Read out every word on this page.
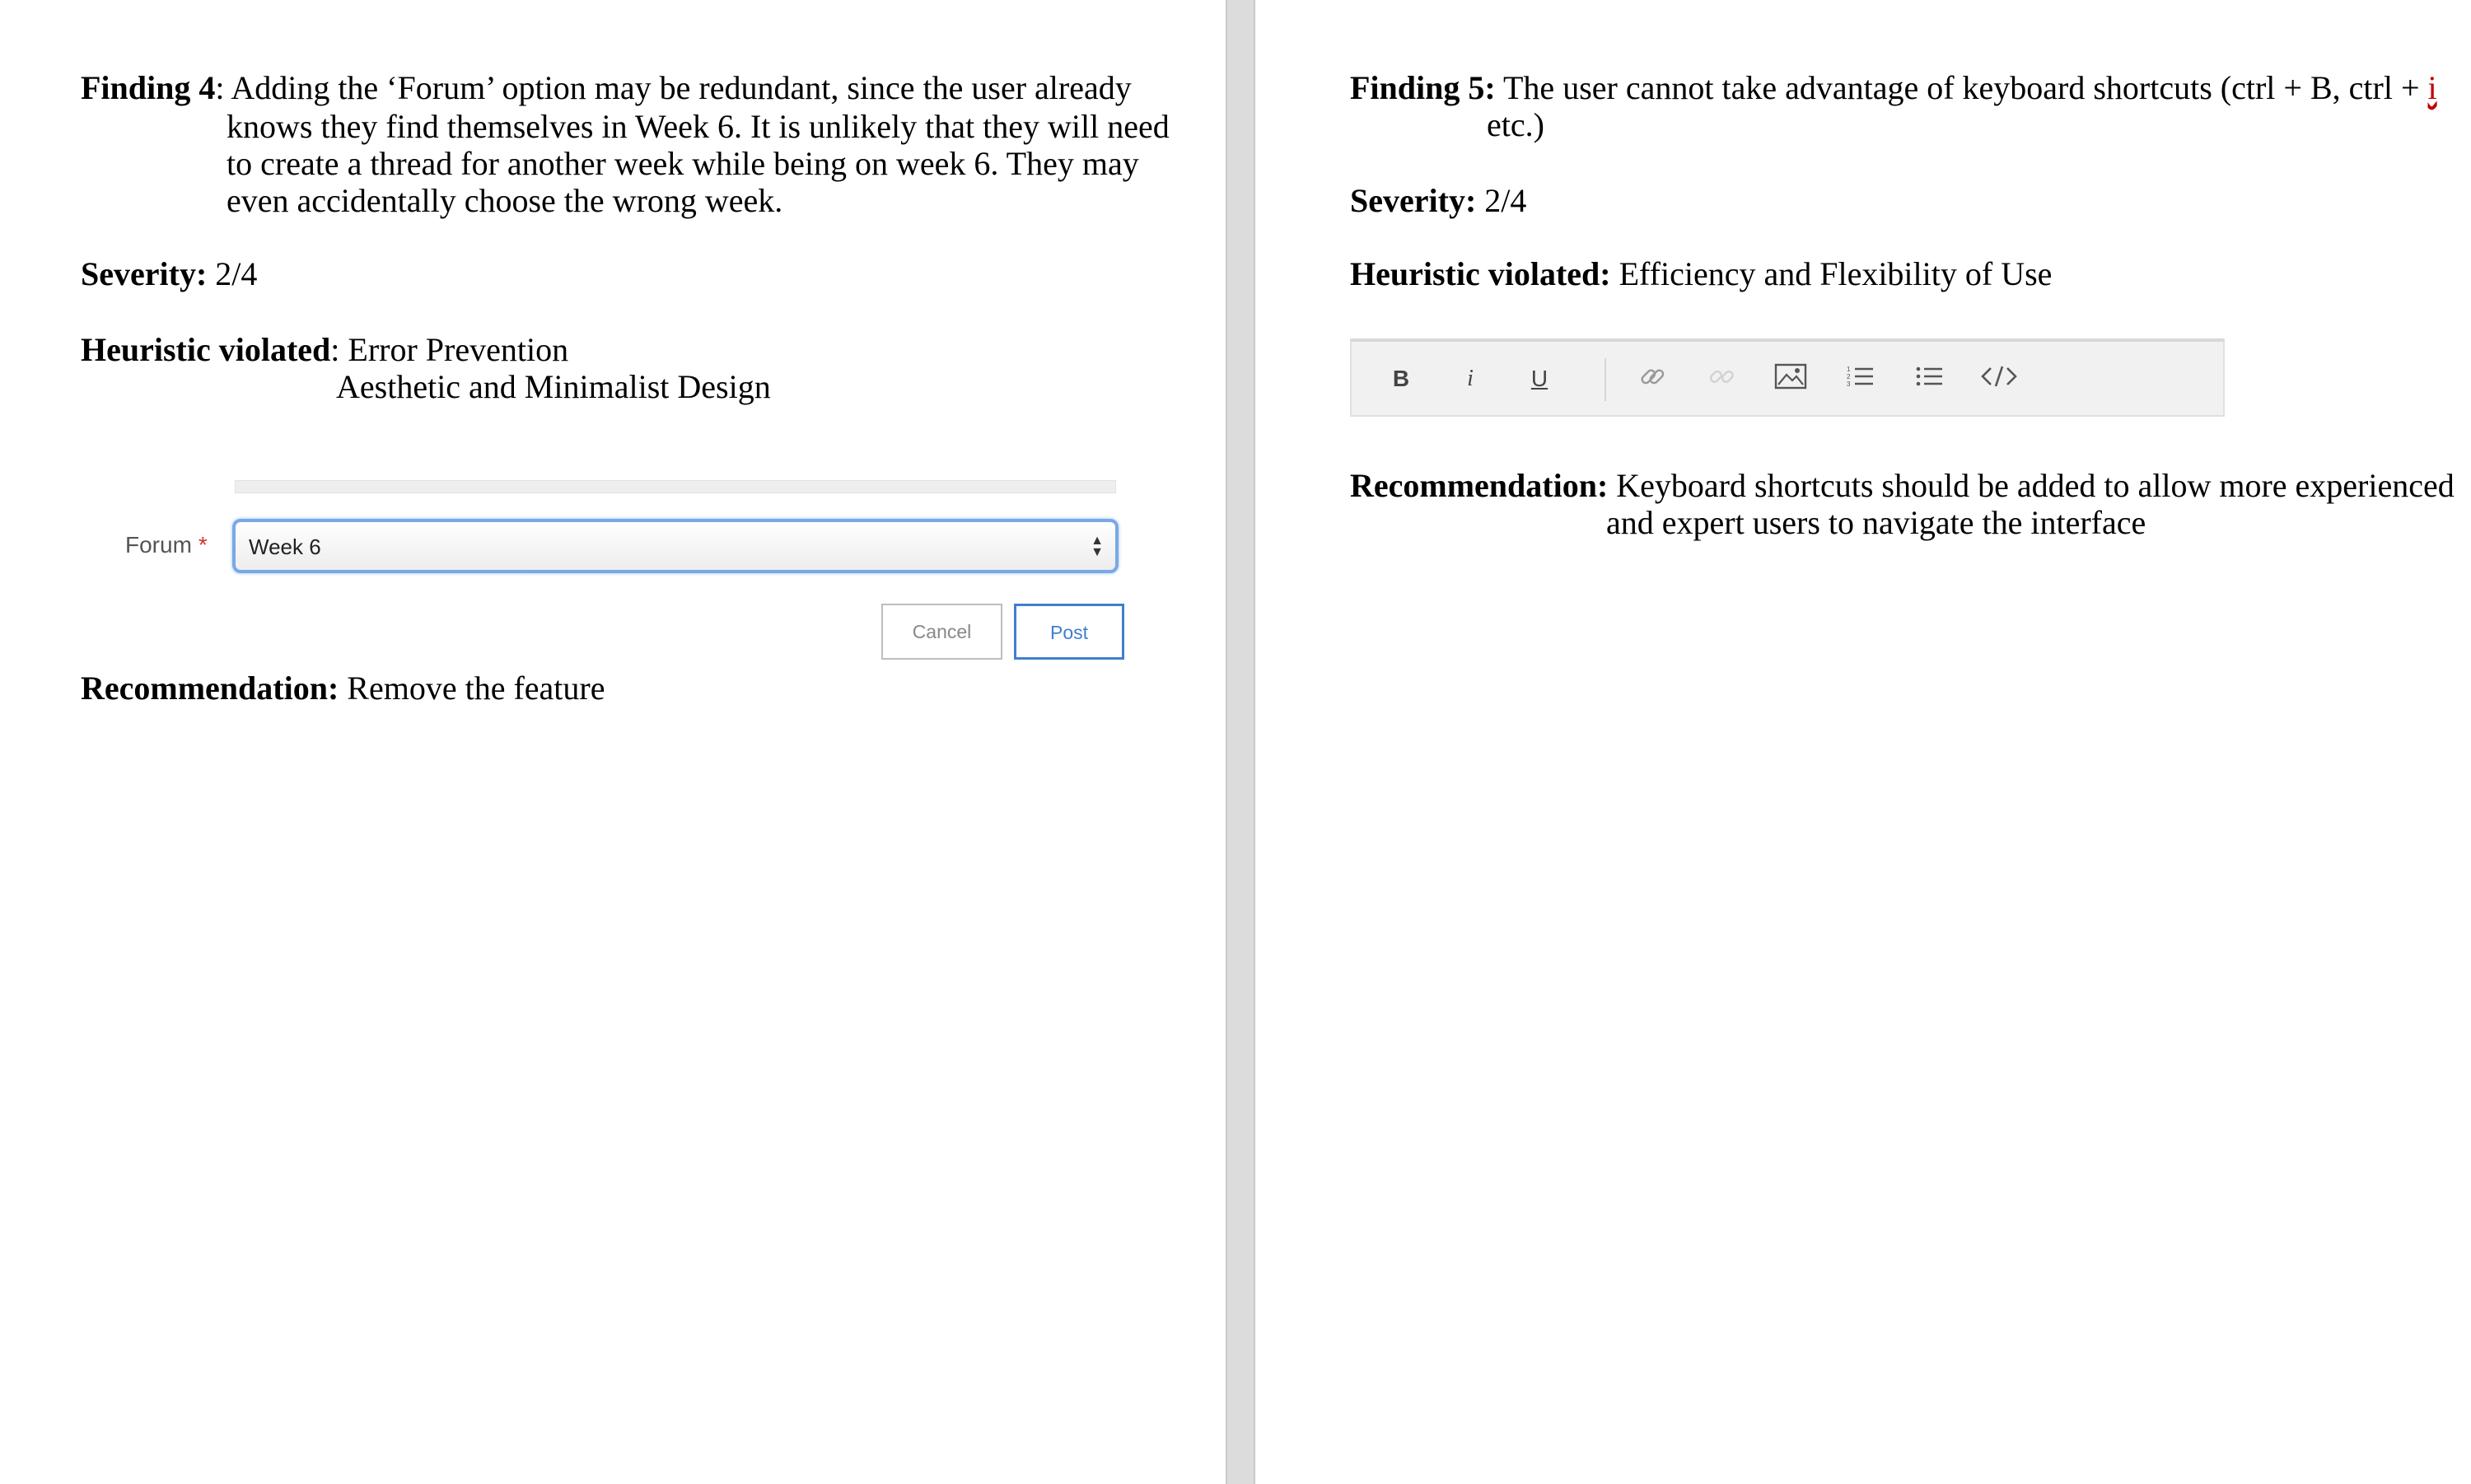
Finding 4: Adding the ‘Forum’ option may be redundant, since the user already
knows they find themselves in Week 6. It is unlikely that they will need to create a thread for another week while being on week 6. They may even accidentally choose the wrong week.
Severity: 2/4
Heuristic violated: Error Prevention
Aesthetic and Minimalist Design
Forum * Week 6	▲
▼
Cancel	Post
Recommendation: Remove the feature
Finding 5: The user cannot take advantage of keyboard shortcuts (ctrl + B, ctrl + i
etc.)
Severity: 2/4
Heuristic violated: Efficiency and Flexibility of Use
B	i	U	1
2
3
Recommendation: Keyboard shortcuts should be added to allow more experienced
and expert users to navigate the interface
